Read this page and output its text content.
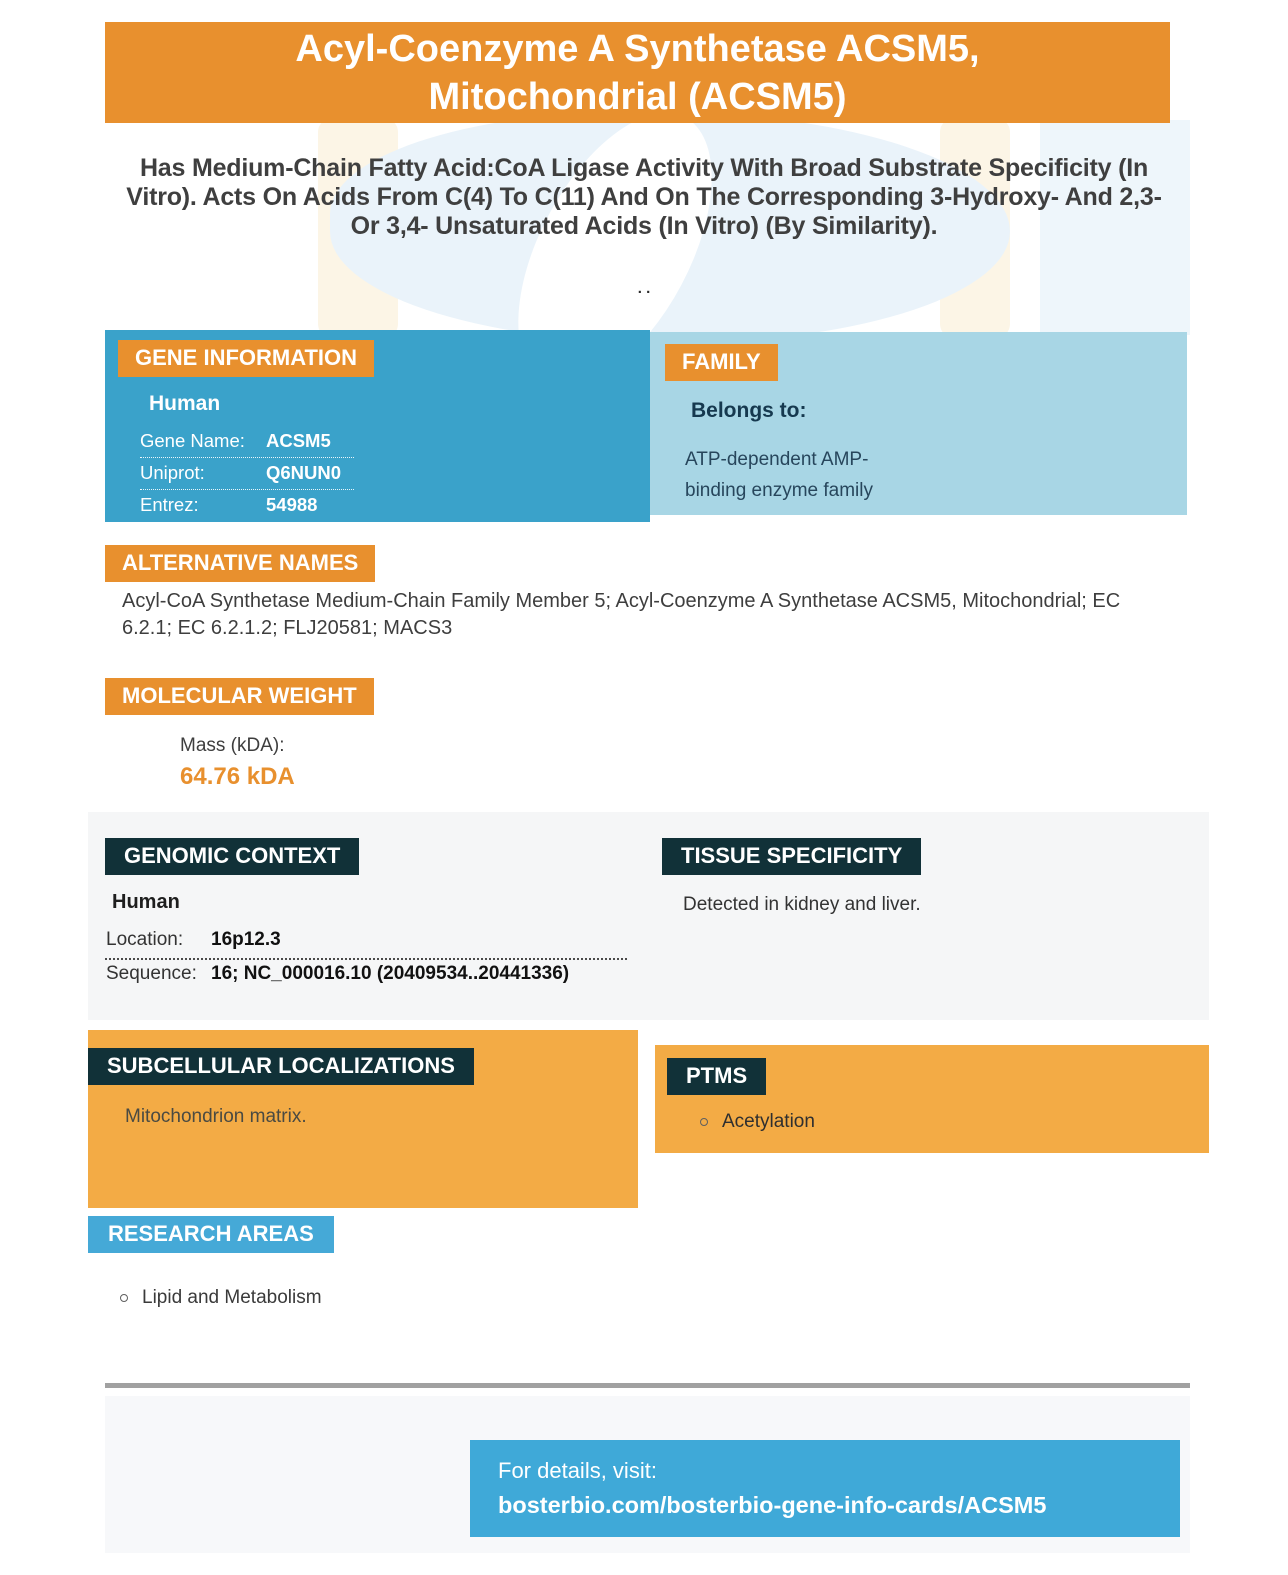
Acyl-Coenzyme A Synthetase ACSM5,
Mitochondrial (ACSM5)
Has Medium-Chain Fatty Acid:CoA Ligase Activity With Broad Substrate Specificity (In Vitro). Acts On Acids From C(4) To C(11) And On The Corresponding 3-Hydroxy- And 2,3- Or 3,4- Unsaturated Acids (In Vitro) (By Similarity).
. .
GENE INFORMATION
Human
Gene Name:	ACSM5
Uniprot:	Q6NUN0
Entrez:	54988
FAMILY
Belongs to:
ATP-dependent AMP-
binding enzyme family
ALTERNATIVE NAMES
Acyl-CoA Synthetase Medium-Chain Family Member 5; Acyl-Coenzyme A Synthetase ACSM5, Mitochondrial; EC 6.2.1; EC 6.2.1.2; FLJ20581; MACS3
MOLECULAR WEIGHT
Mass (kDA):
64.76 kDA
GENOMIC CONTEXT
Human
Location:	16p12.3
Sequence: 16; NC_000016.10 (20409534..20441336)
TISSUE SPECIFICITY
Detected in kidney and liver.
SUBCELLULAR LOCALIZATIONS
Mitochondrion matrix.
PTMS
Acetylation
RESEARCH AREAS
Lipid and Metabolism
For details, visit:
bosterbio.com/bosterbio-gene-info-cards/ACSM5
